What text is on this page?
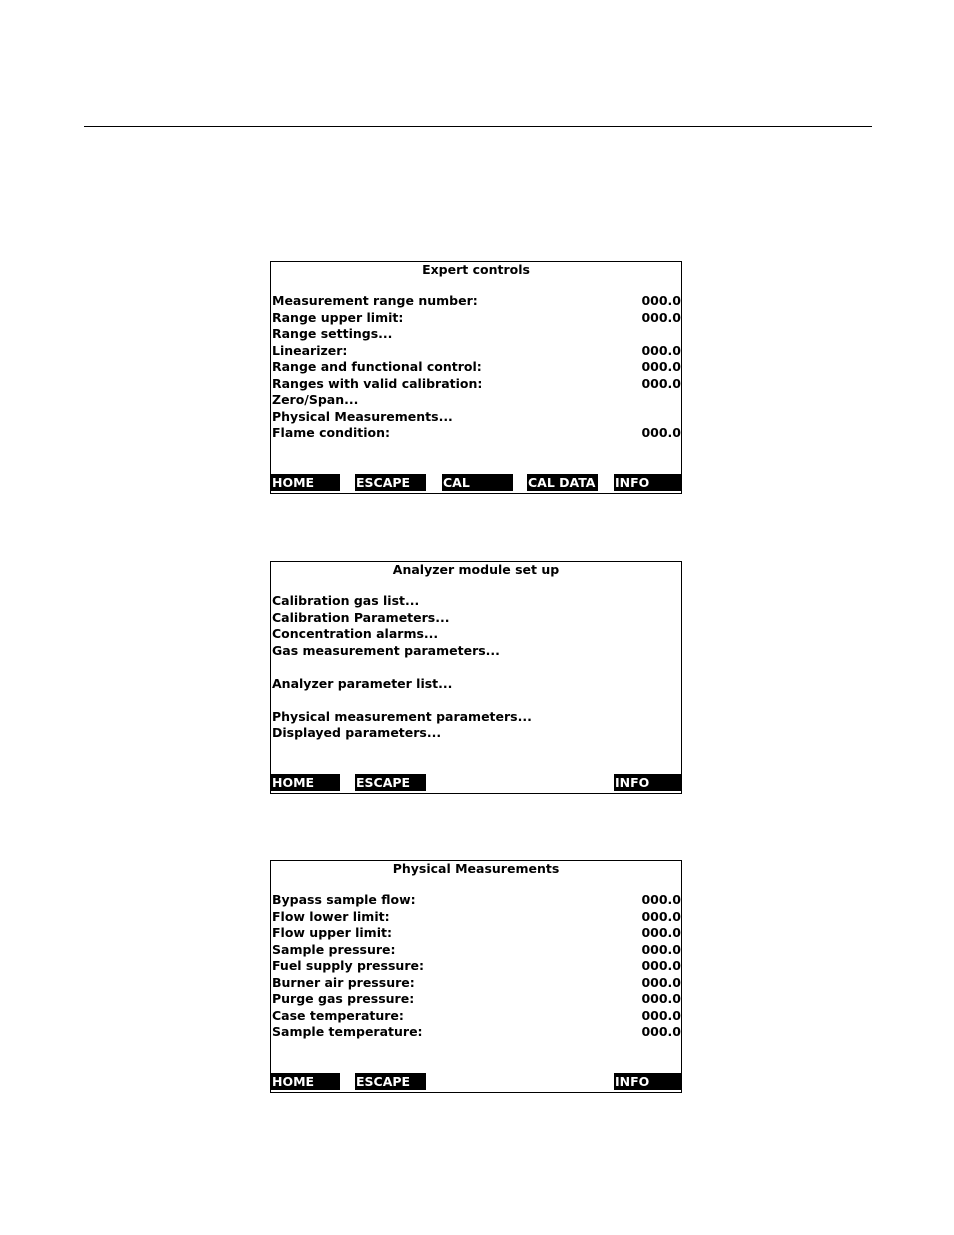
Expert controls
Measurement range number:	000.0
Range upper limit:	000.0
Range settings...
Linearizer:	000.0
Range and functional control:	000.0
Ranges with valid calibration:	000.0
Zero/Span...
Physical Measurements...
Flame condition:	000.0
HOME	ESCAPE	CAL	CAL DATA INFO
Analyzer module set up
Calibration gas list...
Calibration Parameters...
Concentration alarms...
Gas measurement parameters...
Analyzer parameter list...
Physical measurement parameters...
Displayed parameters...
HOME	ESCAPE	INFO
Physical Measurements
Bypass sample flow:	000.0
Flow lower limit:	000.0
Flow upper limit:	000.0
Sample pressure:	000.0
Fuel supply pressure:	000.0
Burner air pressure:	000.0
Purge gas pressure:	000.0
Case temperature:	000.0
Sample temperature:	000.0
HOME	ESCAPE	INFO
